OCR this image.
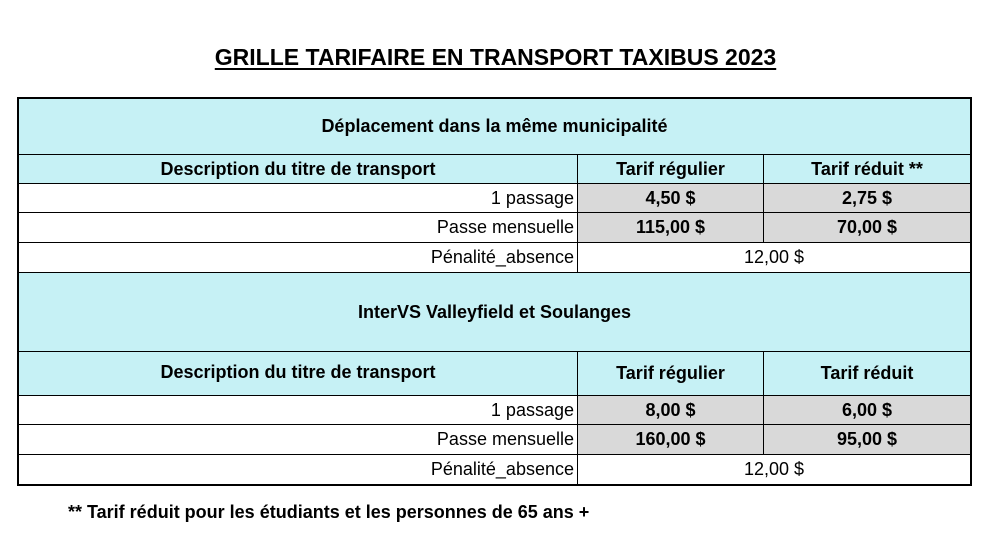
GRILLE TARIFAIRE EN TRANSPORT TAXIBUS 2023
Déplacement dans la même municipalité
Description du titre de transport	Tarif régulier	Tarif réduit **
1 passage	4,50 $	2,75 $
Passe mensuelle	115,00 $	70,00 $
Pénalité_absence	12,00 $
InterVS Valleyfield et Soulanges
Description du titre de transport	Tarif régulier	Tarif réduit
1 passage	8,00 $	6,00 $
Passe mensuelle	160,00 $	95,00 $
Pénalité_absence	12,00 $
** Tarif réduit pour les étudiants et les personnes de 65 ans +
